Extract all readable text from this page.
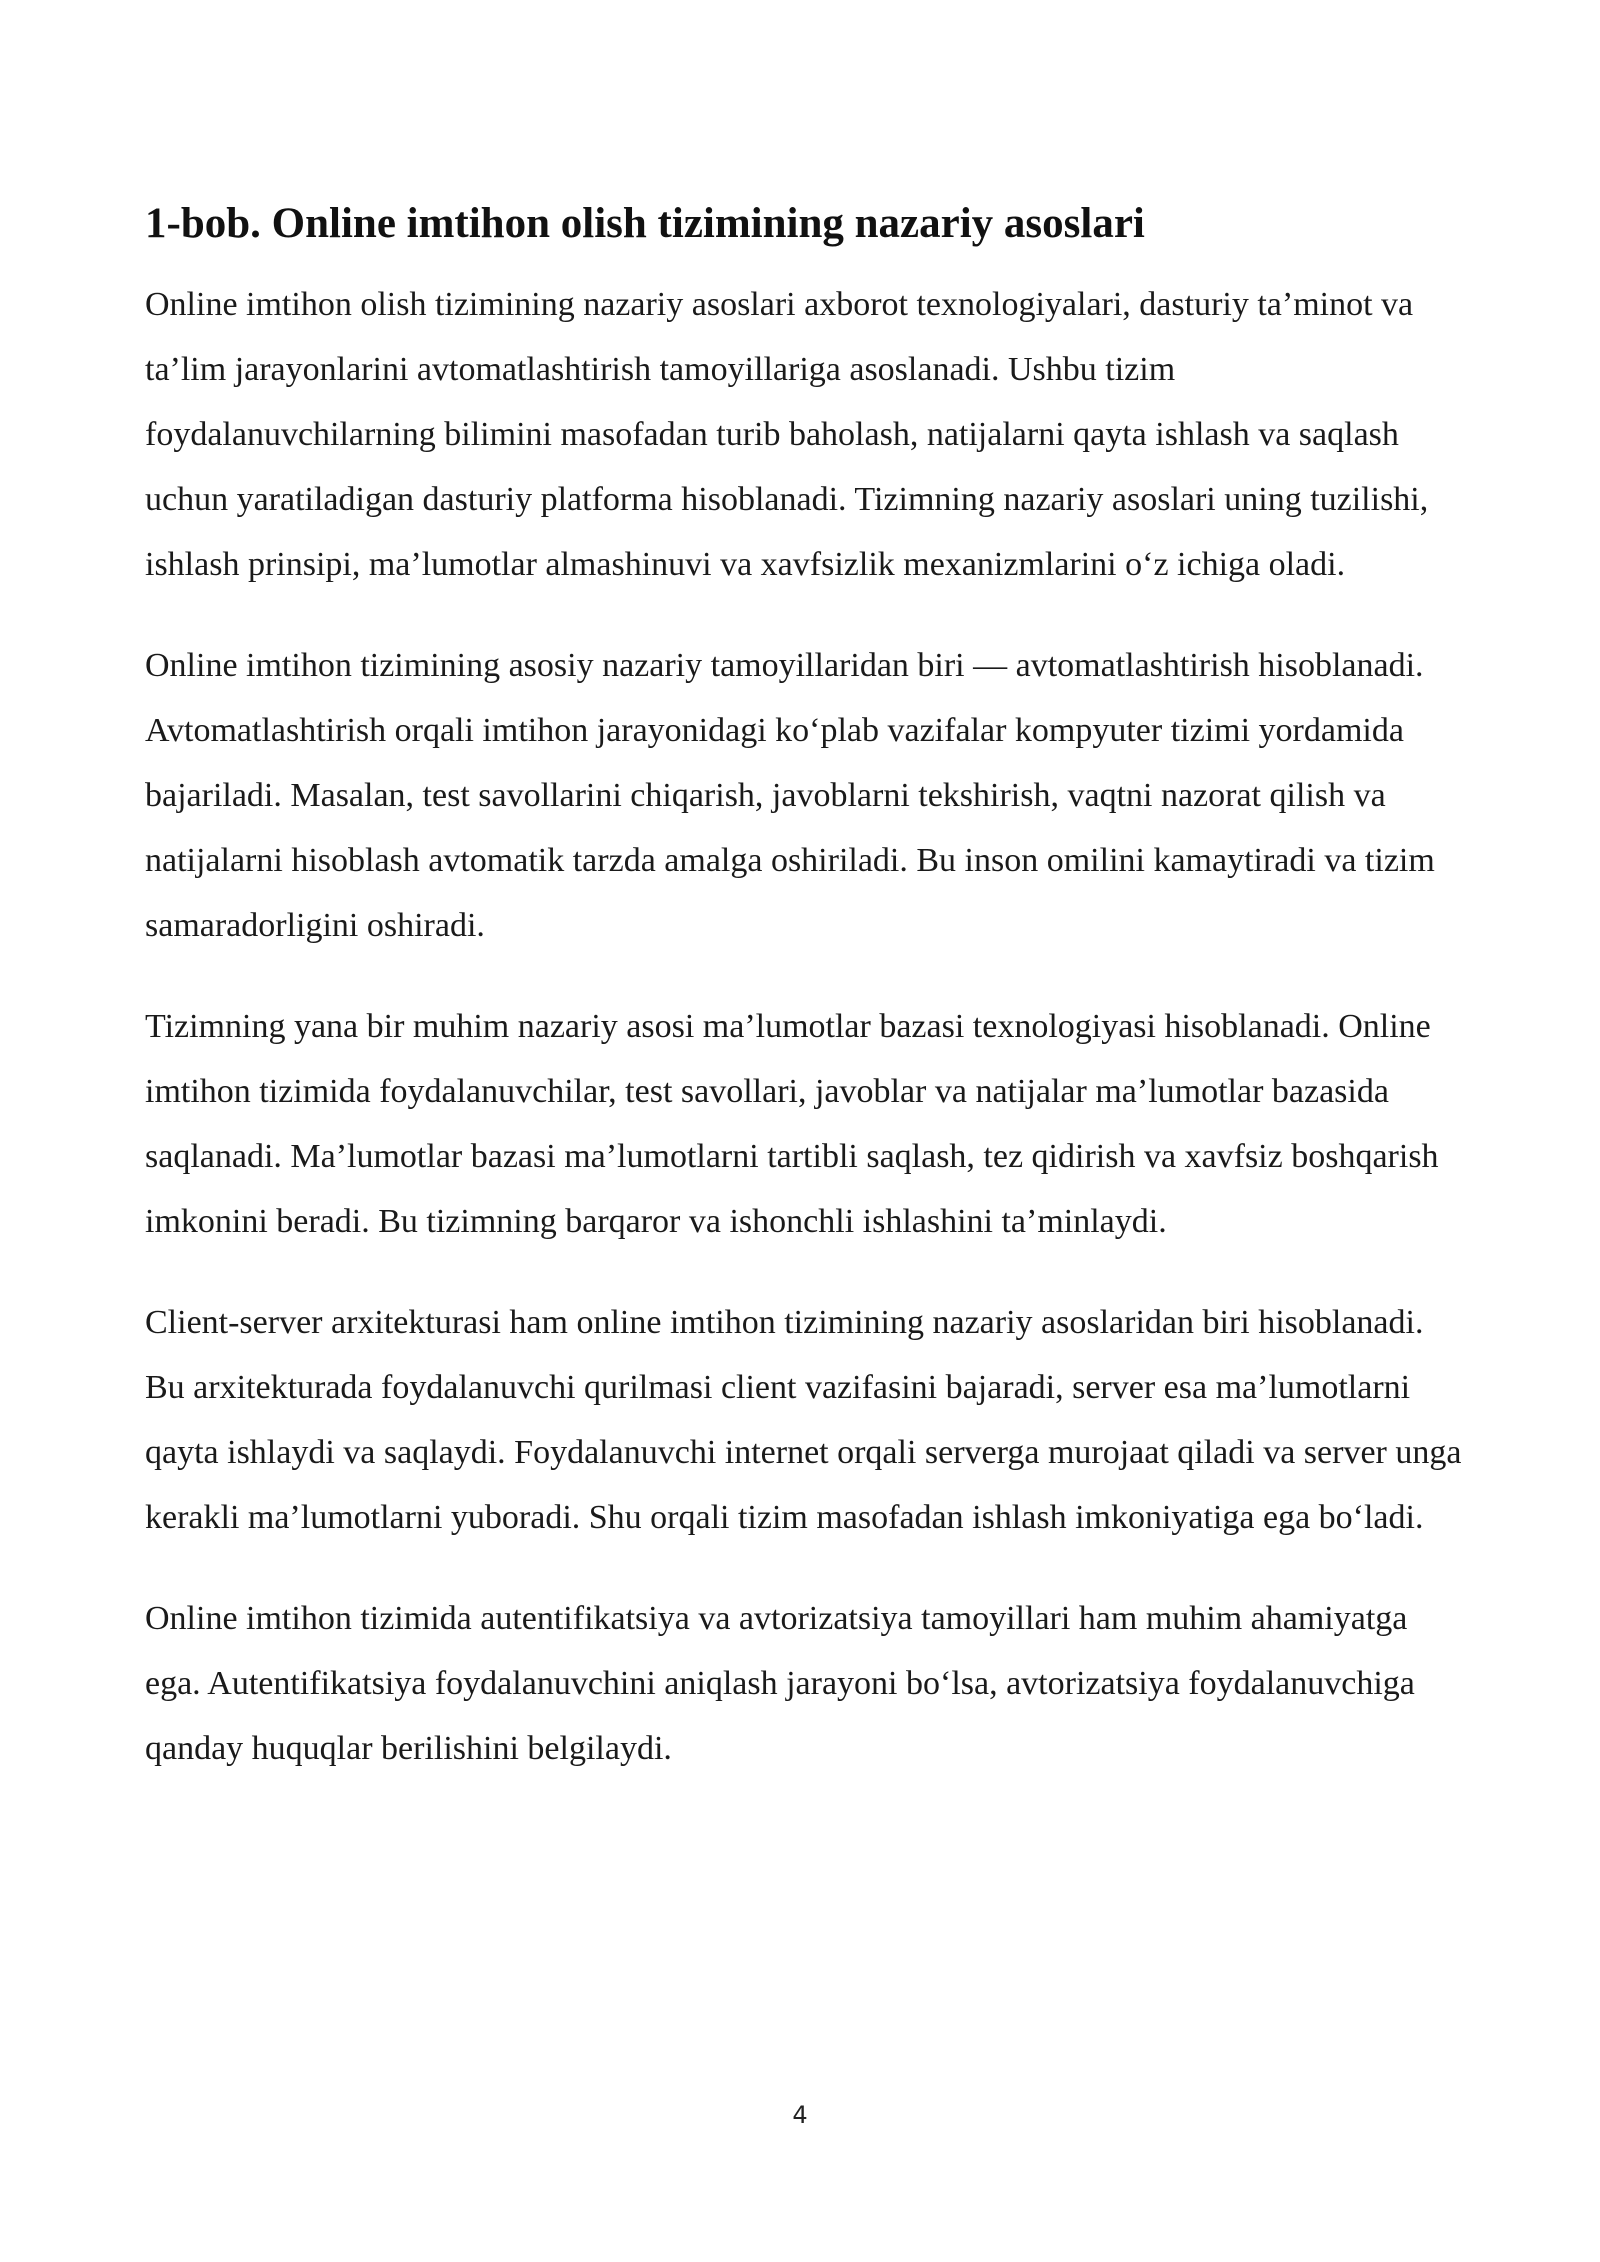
1-bob. Online imtihon olish tizimining nazariy asoslari

Online imtihon olish tizimining nazariy asoslari axborot texnologiyalari, dasturiy ta’minot va ta’lim jarayonlarini avtomatlashtirish tamoyillariga asoslanadi. Ushbu tizim foydalanuvchilarning bilimini masofadan turib baholash, natijalarni qayta ishlash va saqlash uchun yaratiladigan dasturiy platforma hisoblanadi. Tizimning nazariy asoslari uning tuzilishi, ishlash prinsipi, ma’lumotlar almashinuvi va xavfsizlik mexanizmlarini o‘z ichiga oladi.

Online imtihon tizimining asosiy nazariy tamoyillaridan biri — avtomatlashtirish hisoblanadi. Avtomatlashtirish orqali imtihon jarayonidagi ko‘plab vazifalar kompyuter tizimi yordamida bajariladi. Masalan, test savollarini chiqarish, javoblarni tekshirish, vaqtni nazorat qilish va natijalarni hisoblash avtomatik tarzda amalga oshiriladi. Bu inson omilini kamaytiradi va tizim samaradorligini oshiradi.

Tizimning yana bir muhim nazariy asosi ma’lumotlar bazasi texnologiyasi hisoblanadi. Online imtihon tizimida foydalanuvchilar, test savollari, javoblar va natijalar ma’lumotlar bazasida saqlanadi. Ma’lumotlar bazasi ma’lumotlarni tartibli saqlash, tez qidirish va xavfsiz boshqarish imkonini beradi. Bu tizimning barqaror va ishonchli ishlashini ta’minlaydi.

Client-server arxitekturasi ham online imtihon tizimining nazariy asoslaridan biri hisoblanadi. Bu arxitekturada foydalanuvchi qurilmasi client vazifasini bajaradi, server esa ma’lumotlarni qayta ishlaydi va saqlaydi. Foydalanuvchi internet orqali serverga murojaat qiladi va server unga kerakli ma’lumotlarni yuboradi. Shu orqali tizim masofadan ishlash imkoniyatiga ega bo‘ladi.

Online imtihon tizimida autentifikatsiya va avtorizatsiya tamoyillari ham muhim ahamiyatga ega. Autentifikatsiya foydalanuvchini aniqlash jarayoni bo‘lsa, avtorizatsiya foydalanuvchiga qanday huquqlar berilishini belgilaydi.

4
